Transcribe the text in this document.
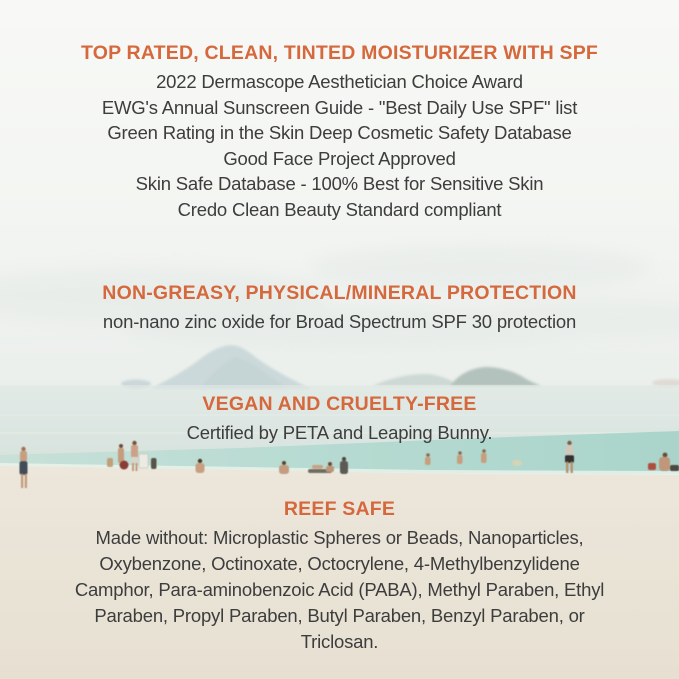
TOP RATED, CLEAN, TINTED MOISTURIZER WITH SPF
2022 Dermascope Aesthetician Choice Award
EWG's Annual Sunscreen Guide - "Best Daily Use SPF" list
Green Rating in the Skin Deep Cosmetic Safety Database
Good Face Project Approved
Skin Safe Database - 100% Best for Sensitive Skin
Credo Clean Beauty Standard compliant
NON-GREASY, PHYSICAL/MINERAL PROTECTION
non-nano zinc oxide for Broad Spectrum SPF 30 protection
VEGAN AND CRUELTY-FREE
Certified by PETA and Leaping Bunny.
REEF SAFE
Made without: Microplastic Spheres or Beads, Nanoparticles,
Oxybenzone, Octinoxate, Octocrylene, 4-Methylbenzylidene
Camphor, Para-aminobenzoic Acid (PABA), Methyl Paraben, Ethyl
Paraben, Propyl Paraben, Butyl Paraben, Benzyl Paraben, or
Triclosan.
